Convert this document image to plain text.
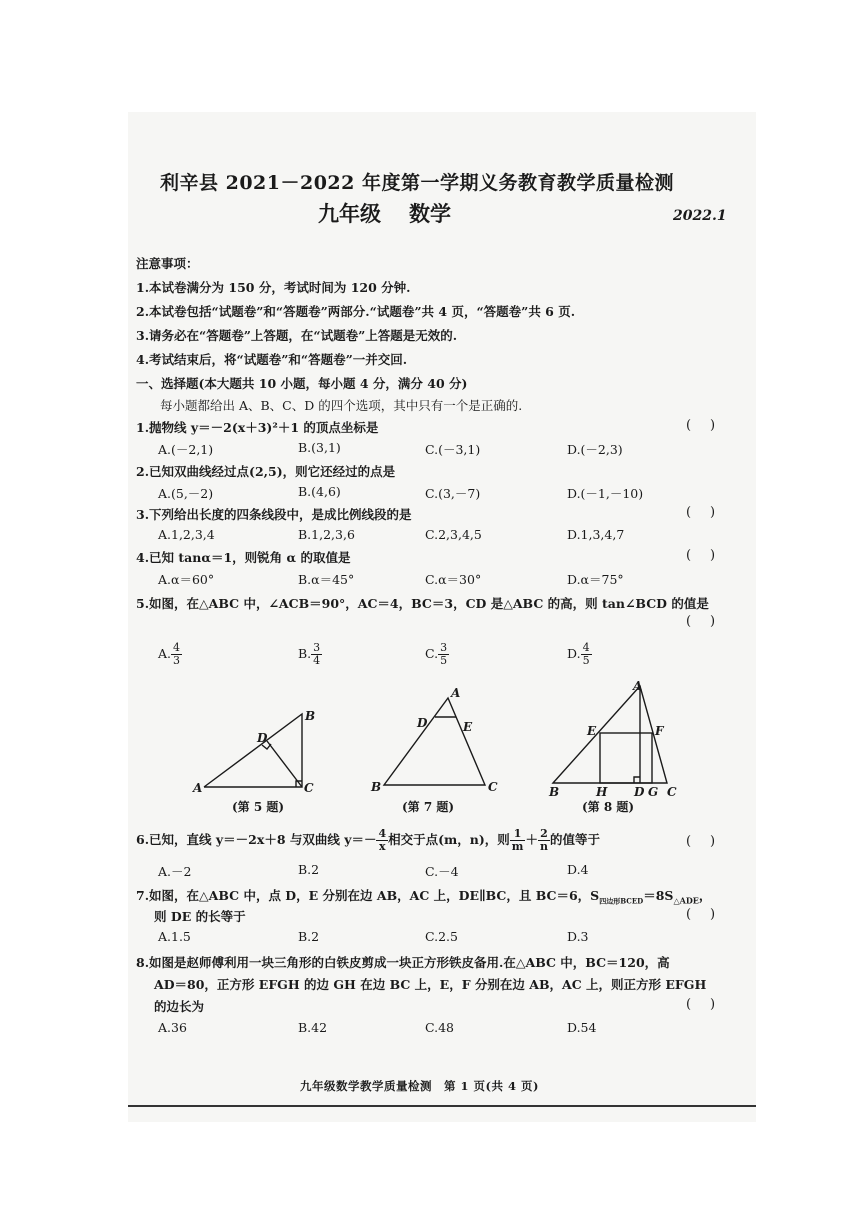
利辛县 2021－2022 年度第一学期义务教育教学质量检测
九年级 数学	2022.1
注意事项：
1.本试卷满分为 150 分，考试时间为 120 分钟.
2.本试卷包括“试题卷”和“答题卷”两部分.“试题卷”共 4 页，“答题卷”共 6 页.
3.请务必在“答题卷”上答题，在“试题卷”上答题是无效的.
4.考试结束后，将“试题卷”和“答题卷”一并交回.
一、选择题(本大题共 10 小题，每小题 4 分，满分 40 分)
每小题都给出 A、B、C、D 的四个选项，其中只有一个是正确的.
1.抛物线 y＝－2(x＋3)²＋1 的顶点坐标是	( )
A.(－2,1)	B.(3,1)	C.(－3,1)	D.(－2,3)
2.已知双曲线经过点(2,5)，则它还经过的点是
A.(5,－2)	B.(4,6)	C.(3,－7)	D.(－1,－10)
3.下列给出长度的四条线段中，是成比例线段的是	( )
A.1,2,3,4	B.1,2,3,6	C.2,3,4,5	D.1,3,4,7
4.已知 tanα＝1，则锐角 α 的取值是	( )
A.α＝60°	B.α＝45°	C.α＝30°	D.α＝75°
5.如图，在△ABC 中，∠ACB＝90°，AC＝4，BC＝3，CD 是△ABC 的高，则 tan∠BCD 的值是
( )
A. $\frac{4}{3}$	B. $\frac{3}{4}$	C. $\frac{3}{5}$	D. $\frac{4}{5}$
A
B
C
D
(第 5 题)
A
B	C
D	E
(第 7 题)
A
B	C
D
E	F
G
H
(第 8 题)
6.已知，直线 y＝－2x＋8 与双曲线 $y=- \frac{4}{x}$ 相交于点(m，n)，则 $\frac{1}{m} + \frac{2}{n}$ 的值等于	( )
A.－2	B.2	C.－4	D.4
7.如图，在△ABC 中，点 D，E 分别在边 AB，AC 上，DE∥BC，且 BC＝6，$S_{四边形BCED}=8S_{\triangle ADE}$，
则 DE 的长等于	( )
A.1.5	B.2	C.2.5	D.3
8.如图是赵师傅利用一块三角形的白铁皮剪成一块正方形铁皮备用.在△ABC 中，BC＝120，高
AD＝80，正方形 EFGH 的边 GH 在边 BC 上，E，F 分别在边 AB，AC 上，则正方形 EFGH
的边长为	( )
A.36	B.42	C.48	D.54
九年级数学教学质量检测　第 1 页(共 4 页)
